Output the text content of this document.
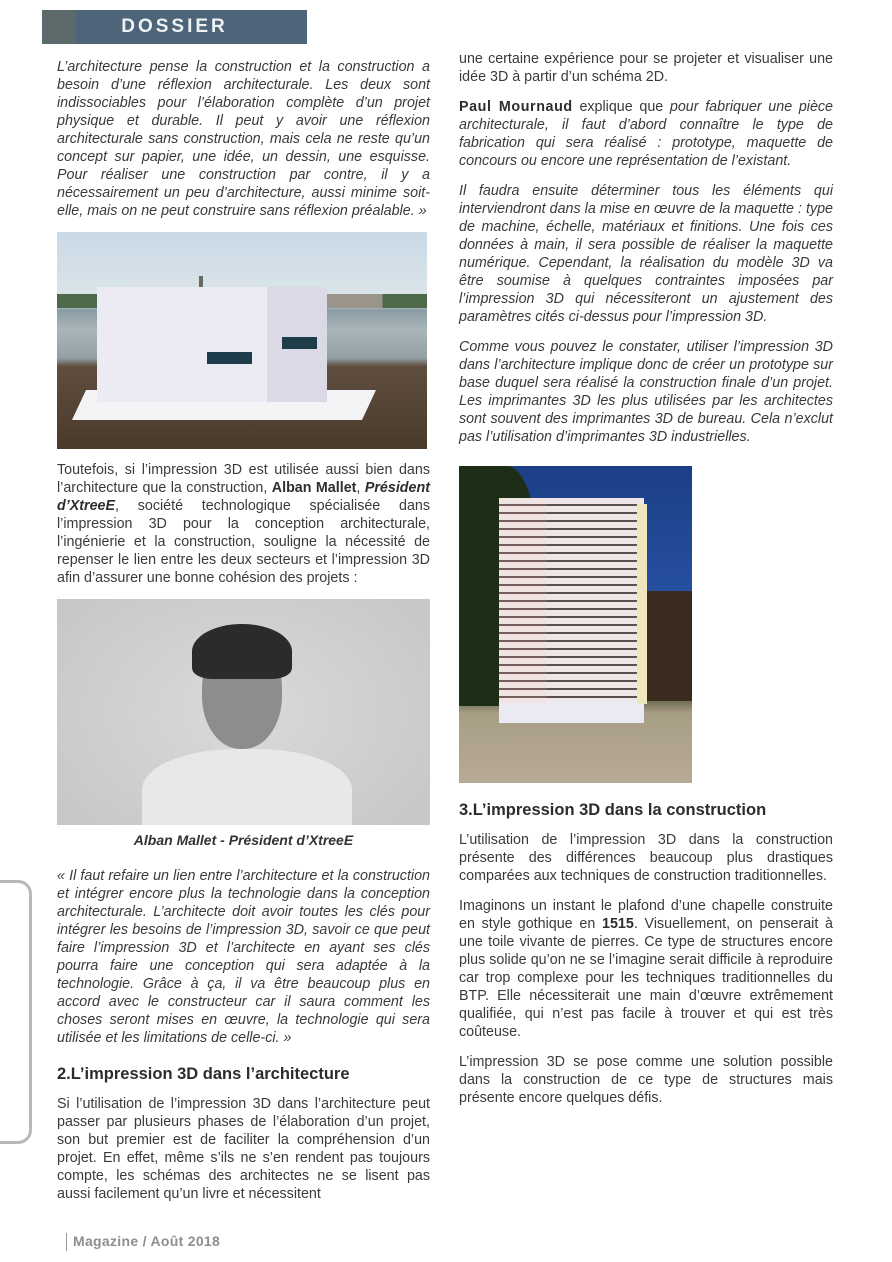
DOSSIER

L’architecture pense la construction et la construction a besoin d’une réflexion architecturale. Les deux sont indissociables pour l’élaboration complète d’un projet physique et durable. Il peut y avoir une réflexion architecturale sans construction, mais cela ne reste qu’un concept sur papier, une idée, un dessin, une esquisse. Pour réaliser une construction par contre, il y a nécessairement un peu d’architecture, aussi minime soit-elle, mais on ne peut construire sans réflexion préalable. »

Toutefois, si l’impression 3D est utilisée aussi bien dans l’architecture que la construction, Alban Mallet, Président d’XtreeE, société technologique spécialisée dans l’impression 3D pour la conception architecturale, l’ingénierie et la construction, souligne la nécessité de repenser le lien entre les deux secteurs et l’impression 3D afin d’assurer une bonne cohésion des projets :

Alban Mallet - Président d’XtreeE

« Il faut refaire un lien entre l’architecture et la construction et intégrer encore plus la technologie dans la conception architecturale. L’architecte doit avoir toutes les clés pour intégrer les besoins de l’impression 3D, savoir ce que peut faire l’impression 3D et l’architecte en ayant ses clés pourra faire une conception qui sera adaptée à la technologie. Grâce à ça, il va être beaucoup plus en accord avec le constructeur car il saura comment les choses seront mises en œuvre, la technologie qui sera utilisée et les limitations de celle-ci. »

2.L’impression 3D dans l’architecture

Si l’utilisation de l’impression 3D dans l’architecture peut passer par plusieurs phases de l’élaboration d’un projet, son but premier est de faciliter la compréhension d’un projet. En effet, même s’ils ne s’en rendent pas toujours compte, les schémas des architectes ne se lisent pas aussi facilement qu’un livre et nécessitent

une certaine expérience pour se projeter et visualiser une idée 3D à partir d’un schéma 2D.

Paul Mournaud explique que pour fabriquer une pièce architecturale, il faut d’abord connaître le type de fabrication qui sera réalisé : prototype, maquette de concours ou encore une représentation de l’existant.

Il faudra ensuite déterminer tous les éléments qui interviendront dans la mise en œuvre de la maquette : type de machine, échelle, matériaux et finitions. Une fois ces données à main, il sera possible de réaliser la maquette numérique. Cependant, la réalisation du modèle 3D va être soumise à quelques contraintes imposées par l’impression 3D qui nécessiteront un ajustement des paramètres cités ci-dessus pour l’impression 3D.

Comme vous pouvez le constater, utiliser l’impression 3D dans l’architecture implique donc de créer un prototype sur base duquel sera réalisé la construction finale d’un projet. Les imprimantes 3D les plus utilisées par les architectes sont souvent des imprimantes 3D de bureau. Cela n’exclut pas l’utilisation d’imprimantes 3D industrielles.

3.L’impression 3D dans la construction

L’utilisation de l’impression 3D dans la construction présente des différences beaucoup plus drastiques comparées aux techniques de construction traditionnelles.

Imaginons un instant le plafond d’une chapelle construite en style gothique en 1515. Visuellement, on penserait à une toile vivante de pierres. Ce type de structures encore plus solide qu’on ne se l’imagine serait difficile à reproduire car trop complexe pour les techniques traditionnelles du BTP. Elle nécessiterait une main d’œuvre extrêmement qualifiée, qui n’est pas facile à trouver et qui est très coûteuse.

L’impression 3D se pose comme une solution possible dans la construction de ce type de structures mais présente encore quelques défis.

Magazine / Août 2018
